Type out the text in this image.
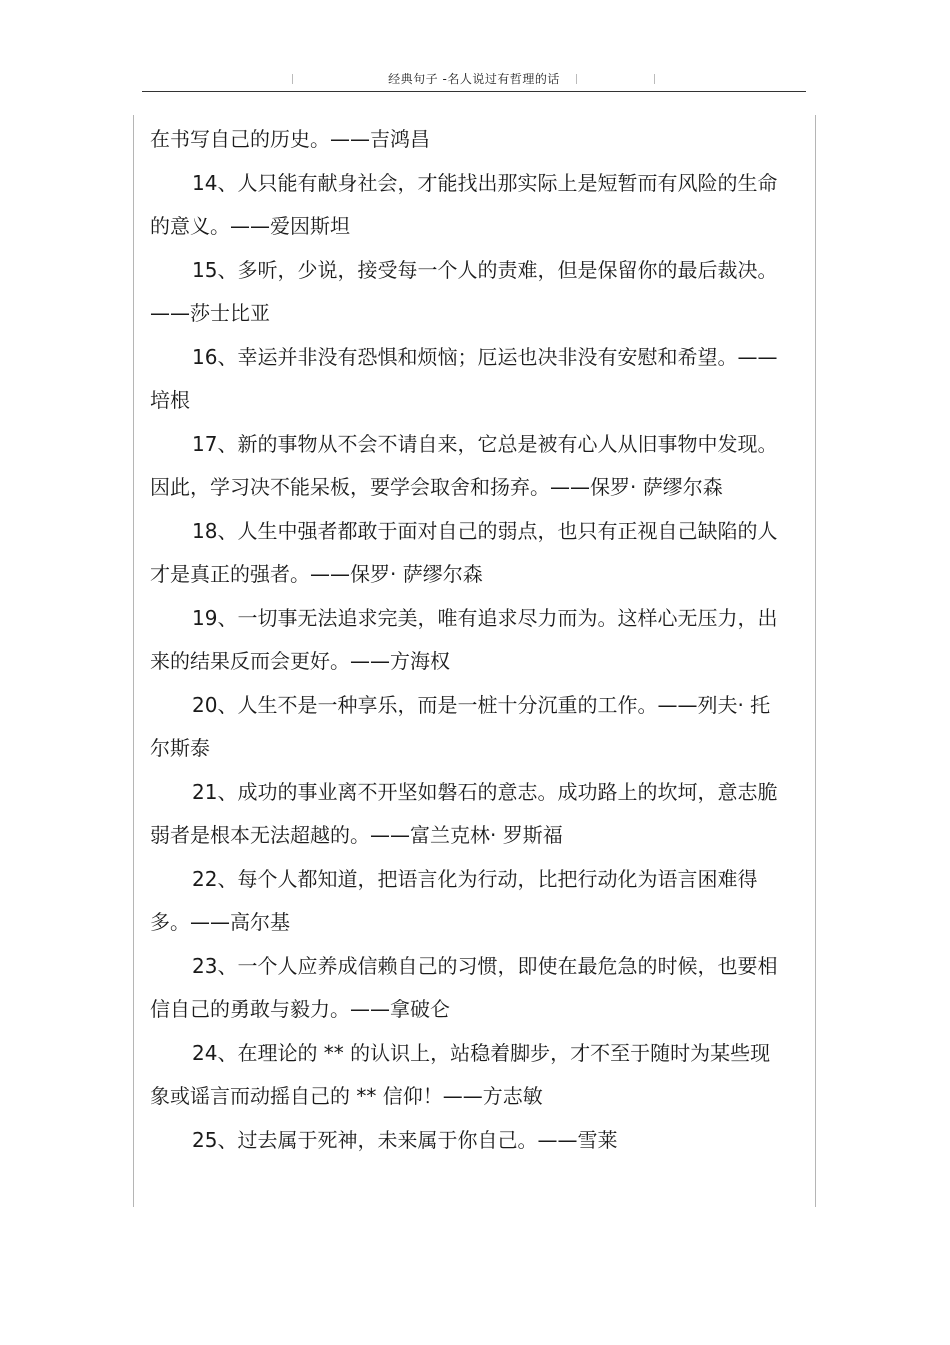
经典句子 -名人说过有哲理的话

在书写自己的历史。——吉鸿昌

14、人只能有献身社会，才能找出那实际上是短暂而有风险的生命的意义。——爱因斯坦

15、多听，少说，接受每一个人的责难，但是保留你的最后裁决。——莎士比亚

16、幸运并非没有恐惧和烦恼；厄运也决非没有安慰和希望。——培根

17、新的事物从不会不请自来，它总是被有心人从旧事物中发现。因此，学习决不能呆板，要学会取舍和扬弃。——保罗· 萨缪尔森

18、人生中强者都敢于面对自己的弱点，也只有正视自己缺陷的人才是真正的强者。——保罗· 萨缪尔森

19、一切事无法追求完美，唯有追求尽力而为。这样心无压力，出来的结果反而会更好。——方海权

20、人生不是一种享乐，而是一桩十分沉重的工作。——列夫· 托尔斯泰

21、成功的事业离不开坚如磐石的意志。成功路上的坎坷，意志脆弱者是根本无法超越的。——富兰克林· 罗斯福

22、每个人都知道，把语言化为行动，比把行动化为语言困难得多。——高尔基

23、一个人应养成信赖自己的习惯，即使在最危急的时候，也要相信自己的勇敢与毅力。——拿破仑

24、在理论的 ** 的认识上，站稳着脚步，才不至于随时为某些现象或谣言而动摇自己的 ** 信仰！——方志敏

25、过去属于死神，未来属于你自己。——雪莱
